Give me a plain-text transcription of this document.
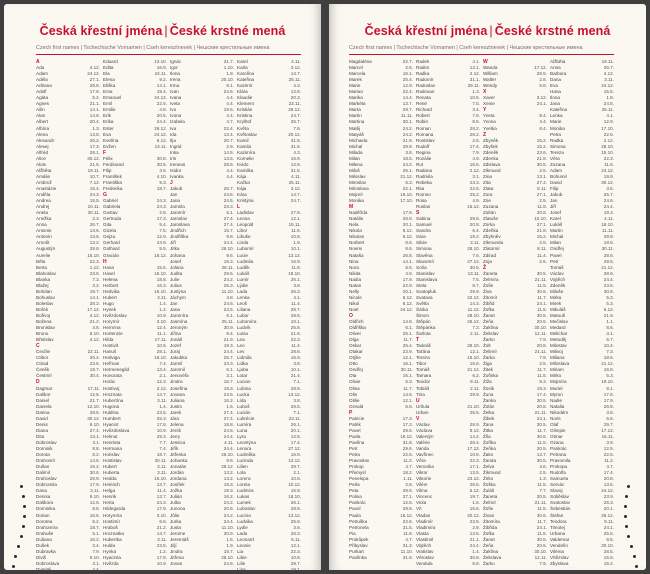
Česká křestní jména | České krstné mená
Czech first names | Tschechische Vornamen | Cseh keresztnevek | Чешские крестильные имена
A
Ada	4.12.
Adam	24.12.
Adéla	27.1.
Adriana	26.8.
Adolf	17.6.
Agáta	5.2.
Agnes	21.1.
Ailin	14.1.
Alan	14.6.
Albert	20.4.
Albína	1.3.
Alena	13.8.
Alexandr	26.2.
Alexej	17.3.
Alfréd	28.1.
Alice	30.12.
Alois	21.6.
Alžběta	19.11.
Amálie	10.7.
Ambrož	7.12.
Anastázie	15.4.
Anděla	24.3.
Andrea	15.5.
Andrej	10.11.
Aneta	30.11.
Anežka	2.3.
Anna	26.7.
Antonie	13.6.
Antonín	13.6.
Arnošt	13.2.
Augustýn	28.8.
Aurelie	15.10.
Běla	22.3.
Berta	1.12.
Blahoslav	23.6.
Blanka	7.3.
Blažej	3.2.
Bohdan	19.7.
Bohuslav	14.1.
Boleslav	28.2.
Bořek	17.12.
Bořivoj	4.12.
Božena	21.2.
Bronislav	4.6.
Bruno	6.10.
Břetislav	4.12.
C
Cecílie	22.11.
Ctibor	20.4.
Ctirad	23.6.
Čeněk	19.7.
Čestmír	30.4.
D
Dagmar	17.11.
Dalibor	12.6.
Daniel	21.7.
Daniela	12.10.
Darina	28.5.
David	30.12.
Denis	9.10.
Diana	27.4.
Dita	13.1.
Dobroslav	3.1.
Dominik	8.8.
Dorota	6.2.
Drahomír	14.6.
Dušan	16.2.
Dalimil	30.6.
Drahoslav	28.9.
Dobromila	17.9.
Dana	3.11.
Denisa	9.10.
Dalibora	12.6.
Dominika	8.8.
Dorian	16.6.
Dorotea	6.2.
Drahomíra	18.7.
Drahuše	5.1.
Dušana	16.2.
Dušek	3.4.
Dubravka	7.9.
Diviš	9.10.
Dobroslava	3.1.
Dymitrij	4.4.
Eduard	13.10.
Edita	16.9.
Ela	24.11.
Elena	9.2.
Eliška	14.1.
Ema	19.4.
Emanuel	24.12.
Emil	22.5.
Emilie	4.8.
Erik	20.5.
Erika	24.4.
Ester	26.12.
Eva	24.12.
Evelína	6.12.
Evžen	13.11.
F
Felix	30.8.
Ferdinand	30.5.
Filip	3.5.
František	4.10.
Františka	9.3.
Frederika	18.7.
G
Gabriel	24.3.
Gabriela	24.3.
Gustav	2.8.
Gertruda	17.3.
Gita	5.4.
Gizela	7.5.
Gejza	12.9.
Gerhard	24.9.
Gothard	5.5.
Gracián	18.12.
H
Hana	15.5.
Havel	16.10.
Helena	18.8.
Herbert	16.3.
Hedvika	16.10.
Hubert	3.11.
Hugo	1.4.
Hynek	1.2.
Hvězdoslav	10.9.
Horymír	3.10.
Hermína	12.4.
Hortenzie	11.1.
Hilda	17.11.
Hostivít	10.6.
Hanuš	28.1.
Hedviga	16.10.
Heřman	7.4.
Hermenegild	13.4.
Honorata	2.1.
Horác	12.3.
Hostivoj	2.12.
Hroznata	14.7.
Hubertína	3.11.
Hugona	1.4.
Huldina	23.5.
Humbert	25.3.
Hyacint	17.8.
Hvězdoslava	10.9.
Helmut	29.3.
Henrieta	7.7.
Hermana	7.4.
Horislav	18.7.
Hostislav	30.11.
Hubert	3.11.
Huberta	3.11.
Hedda	16.10.
Heinrich	13.7.
Helga	11.4.
Henrik	13.7.
Herta	24.3.
Hildegarda	17.9.
Horymíra	3.10.
Hostimír	6.6.
Hraboš	21.2.
Hroznatka	14.7.
Hubertka	3.11.
Hulda	23.5.
Hynka	1.2.
Hyacinta	17.8.
Hvězda	10.9.
Ignác	31.7.
Igor	1.10.
Ilona	1.8.
Irena	20.10.
Irma	8.1.
Ivan	24.6.
Ivana	4.4.
Iveta	4.4.
Ivo	19.5.
Ivona	4.4.
Izabela	4.7.
Iva	22.4.
Ida	13.4.
Ilja	20.7.
Ingrid	2.9.
Inka	14.5.
Iris	13.6.
Ireneus	28.6.
Isidor	4.4.
Ivanka	4.4.
J
Jakub	25.7.
Jan	24.6.
Jana	24.5.
Jarmila	23.3.
Jaromír	6.1.
Jaroslav	27.4.
Jaroslava	27.4.
Jindřich	15.7.
Jindřiška	9.8.
Jiří	24.4.
Jitka	26.10.
Johana	9.6.
Josef	19.3.
Jolana	28.11.
Judita	29.5.
Julie	24.2.
Julius	26.3.
Justýna	11.10.
Jáchym	4.8.
Jan	24.6.
Jana	24.5.
Jaromíra	6.1.
Jasmína	25.11.
Jeroným	30.9.
Jiřina	9.4.
Jonáš	21.9.
Jozef	19.3.
Juraj	24.4.
Jakubka	25.7.
Jarmil	23.3.
Jaromil	6.1.
Jenovéfa	3.1.
Jindra	15.7.
Josefína	19.3.
Jovana	24.5.
Juliana	16.2.
Justin	1.6.
Jarek	27.4.
Jára	27.4.
Jelena	18.8.
Jeník	24.6.
Jerry	24.4.
Jessica	4.11.
Jiřík	24.4.
Jitřenka	26.10.
Johanka	9.6.
Jonatán	29.12.
Jordán	13.2.
Jordana	13.2.
Josífek	19.3.
Jožka	19.3.
Julián	16.2.
Julka	24.2.
Junona	20.6.
Jůlie	24.2.
Jurka	24.4.
Justa	11.10.
Jerome	30.9.
Jeremiáš	1.5.
Jiljí	1.9.
Jindra	15.7.
Jitřena	26.10.
Jovan	24.6.
Karel	4.11.
Karla	3.12.
Karolína	14.7.
Kateřina	25.11.
Kazimír	4.3.
Klára	12.8.
Klaudie	20.3.
Klement	23.11.
Kristián	26.12.
Kristina	24.7.
Kryštof	25.7.
Květa	7.6.
Květoslav	20.12.
Kamil	31.5.
Kamila	31.5.
Kazimíra	4.3.
Kornelie	16.9.
Kvido	12.9.
Kamilka	31.5.
Kája	4.11.
Kačka	25.11.
Kája	3.12.
Kára	14.7.
Kristýna	24.7.
L
Ladislav	27.6.
Leona	12.1.
Leopold	15.11.
Libor	11.6.
Libuše	10.8.
Linda	1.9.
Lubomír	10.1.
Lucie	13.12.
Ludmila	16.9.
Luděk	11.8.
Lukáš	18.10.
Lumír	26.1.
Lýdie	3.8.
Lada	26.3.
Lenka	4.1.
Leoš	11.4.
Liliana	29.7.
Lubor	28.6.
Lubomíra	10.1.
Ludvík	25.8.
Luisa	21.6.
Lea	22.3.
Leo	11.4.
Lev	28.6.
Lidmila	16.9.
Lidka	3.8.
Ljuba	10.1.
Lotar	21.4.
Lucian	7.1.
Lubina	28.6.
Lucka	13.12.
Lída	3.8.
Luboš	28.6.
Lucián	7.1.
Lukrécie	23.11.
Lumíra	26.1.
Luna	20.1.
Lyra	12.5.
Leontýna	17.4.
Lenora	27.12.
Ludmilka	16.9.
Lucinda	13.12.
Lilien	29.7.
Lola	2.1.
Lorenc	10.8.
Loreta	10.12.
Ludmira	16.9.
Lukas	18.10.
Lumek	26.1.
Luboslav	28.6.
Lucína	13.12.
Ludvika	25.8.
Lydie	3.8.
Lada	26.3.
Leonard	6.11.
Leonie	12.1.
Lia	22.3.
Libie	10.8.
Lilie	29.7.
Lina	19.1.
Česká křestní jména | České krstné mená
Czech first names | Tschechische Vornamen | Cseh keresztnevek | Чешские крестильные имена
Magdaléna	22.7.
Marcel	2.6.
Marcela	16.1.
Marek	25.4.
Marie	12.9.
Marian	22.4.
Marika	14.4.
Markéta	13.7.
Marta	29.7.
Martin	11.11.
Martina	30.1.
Matěj	24.2.
Matyáš	24.2.
Michaela	21.9.
Michal	29.9.
Milada	3.8.
Milan	18.6.
Milena	24.2.
Miloš	25.1.
Miloslav	21.12.
Miroslav	5.3.
Miroslava	22.1.
Mojmír	19.10.
Monika	17.10.
M
Naděžda	17.9.
Natálie	26.8.
Nela	20.1.
Nikola	6.12.
Nikolas	6.12.
Norbert	6.6.
Noemi	8.6.
Nataša	26.8.
Nina	14.1.
Nora	5.5.
Nikita	4.9.
Nadia	17.9.
Natan	22.9.
Nelly	20.1.
Nicole	6.12.
Nikol	6.12.
Noel	24.12.
O
Oldřich	14.5.
Oldřiška	6.1.
Oliver	25.1.
Olga	11.7.
Oskar	25.4.
Otakar	23.9.
Otýlie	12.1.
Otto	16.1.
Ondřej	30.11.
Ota	16.1.
Olivie	5.3.
Olina	11.7.
Olin	14.5.
Otilie	12.1.
Ozvald	5.8.
P
Patricie	17.3.
Patrik	17.3.
Pavel	29.6.
Pavla	16.12.
Pavlína	31.8.
Petr	29.6.
Petra	22.6.
Pravoslav	11.2.
Prokop	4.7.
Přemysl	18.2.
Penelopa	1.11.
Perla	2.8.
Peta	29.6.
Polina	27.1.
Pankrác	12.5.
Pavol	29.6.
Paula	16.12.
Petruška	22.6.
Petronela	31.5.
Pia	11.8.
Prokůpek	4.7.
Přibyslav	31.3.
Purkart	11.10.
Pavlínka	31.8.
Radek	4.1.
Radim	13.1.
Radka	2.12.
Radomír	31.1.
Radoslav	29.11.
Radovan	1.3.
Renata	10.5.
René	7.5.
Richard	3.4.
Robert	7.6.
Robin	8.6.
Roman	28.2.
Romana	28.2.
Rostislav	2.6.
Rudolf	17.4.
Regina	7.9.
Rozálie	4.9.
Rut	16.5.
Radana	2.12.
Radmila	3.1.
Rebeka	23.3.
Rita	22.5.
Romeo	25.2.
Rosa	4.9.
Ruslan	15.12.
S
Sabina	29.8.
Samuel	20.8.
Sandra	6.4.
Sára	19.2.
Silvie	3.11.
Simona	28.10.
Slavěna	7.6.
Slavomír	27.12.
Soňa	30.5.
Stanislav	13.11.
Stanislava	7.5.
Stela	8.7.
Svatopluk	29.9.
Svatava	22.12.
Světla	14.3.
Šárka	11.12.
Šimon	28.10.
Štěpán	26.12.
Štěpánka	7.3.
Šarlota	2.11.
T
Tadeáš	28.10.
Taťána	12.1.
Tereza	15.10.
Tibor	16.6.
Tomáš	21.12.
Tamara	6.2.
Teodor	9.11.
Tobiáš	2.11.
Tina	29.9.
U
Uršula	21.10.
Urban	25.5.
V
Václav	28.9.
Václava	8.12.
Valentýn	14.2.
Valérie	28.4.
Vanda	17.12.
Vavřinec	10.8.
Věra	22.3.
Veronika	17.1.
Viktor	13.5.
Viktorie	23.12.
Vilém	28.5.
Vilma	5.12.
Vincenc	19.7.
Viola	1.6.
Vít	15.6.
Vladan	20.12.
Vladimír	23.5.
Vladimíra	2.9.
Vlasta	13.5.
Vlastimil	21.1.
Vojtěch	24.4.
Vratislav	1.4.
Věroslav	30.8.
Vendula	5.8.
W
Wanda	17.12.
William	28.5.
Walter	2.8.
Wendy	5.8.
X
Xaver	3.12.
Xenie	24.1.
Y
Yveta	8.4.
Yvona	4.4.
Yvetka	8.4.
Z
Zbyněk	15.2.
Zbyšek	15.2.
Zdeněk	23.6.
Zdenka	21.8.
Zdislava	30.5.
Zikmund	2.5.
Zina	13.1.
Zita	27.4.
Zlata	8.11.
Zora	27.1.
Zoe	2.5.
Zuzana	11.8.
Zoltán	20.8.
Zlatuše	10.10.
Zorka	27.1.
Zdeňka	21.8.
Zbyhněv	15.2.
Zikmunda	2.5.
Zlatomír	8.11.
Zdirad	11.4.
Zoja	2.5.
Ž
Žaneta	30.5.
Želmíra	21.11.
Žofie	11.5.
Živa	30.6.
Žitomír	11.7.
Žibřid	24.1.
Žofka	11.5.
Žanet	30.5.
Žeňa	20.5.
Žaklína	30.10.
Želislav	12.11.
Žarko	7.9.
Žolt	20.8.
Želimír	21.11.
Žarka	7.9.
Žiga	2.5.
Žitek	11.7.
Žofinka	11.5.
Žiža	9.3.
Žosík	19.3.
Žuna	17.4.
Žanka	30.5.
Žolán	20.8.
Želka	21.11.
Žibek	24.1.
Žana	30.5.
Žitka	11.7.
Žíla	30.6.
Žofíka	11.5.
Žeňka	20.5.
Žako	13.7.
Žanda	30.5.
Želva	4.6.
Žikmund	2.5.
Žirko	1.3.
Žoška	11.5.
Žuláš	7.7.
Žaneta	30.5.
Želmír	21.11.
Žofie	11.5.
Živan	30.6.
Žitomíra	11.7.
Žibřida	24.1.
Žofka	11.5.
Žanet	30.5.
Žeňa	20.5.
Žaklína	30.10.
Želislava	12.11.
Žarko	7.9.
Alžběta	19.11.
Anna	26.7.
Barbora	4.12.
Dana	3.11.
Eva	24.12.
Hana	15.5.
Ilona	1.8.
Jana	24.5.
Kateřina	25.11.
Lenka	4.1.
Marie	12.9.
Monika	17.10.
Petra	22.6.
Radka	2.12.
Simona	28.10.
Tereza	15.10.
Věra	22.3.
Zuzana	11.8.
Adam	24.12.
Bohumil	19.9.
David	30.12.
Filip	3.5.
Jakub	25.7.
Jan	24.6.
Jiří	24.4.
Josef	19.3.
Karel	4.11.
Lukáš	18.10.
Martin	11.11.
Michal	29.9.
Milan	18.6.
Ondřej	30.11.
Pavel	29.6.
Petr	29.6.
Tomáš	21.12.
Václav	28.9.
Vojtěch	24.4.
Zdeněk	23.6.
Miluše	30.6.
Mirka	5.3.
Mirek	5.3.
Mikuláš	6.12.
Matouš	21.9.
Mečislav	1.1.
Medard	8.6.
Melichar	3.1.
Metoděj	5.7.
Milostav	10.4.
Milivoj	7.3.
Miliana	18.6.
Miloslava	21.12.
Miriam	16.8.
Mirko	5.3.
Mojmíra	19.10.
Muriel	9.1.
Myron	17.8.
Nadie	17.9.
Natalia	26.8.
Nikodém	3.8.
Noris	6.6.
Olaf	29.7.
Olimpie	17.12.
Otmar	16.11.
Ozana	3.9.
Pankrác	12.5.
Petrana	22.6.
Pravomila	11.2.
Prokopa	4.7.
Rudolfa	17.4.
Samuela	20.8.
Servác	13.5.
Slavoj	24.12.
Soběslav	23.9.
Svatoslav	25.3.
Šebestián	20.1.
Štefan	26.12.
Teodora	9.11.
Timotej	24.1.
Urbana	25.5.
Valdemar	9.5.
Vendelín	20.10.
Viléma	28.5.
Vítězslav	15.6.
Zbyslava	15.2.
